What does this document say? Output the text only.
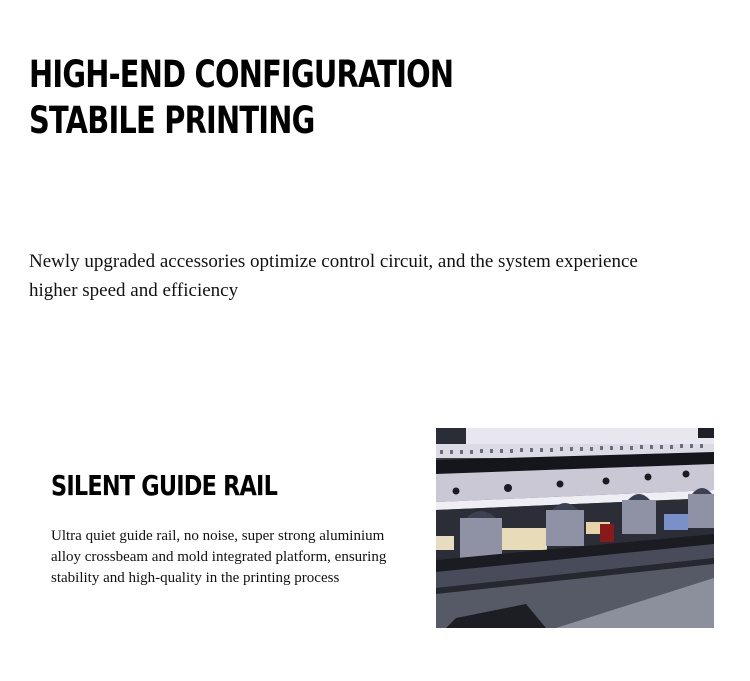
HIGH-END CONFIGURATION
STABILE PRINTING

Newly upgraded accessories optimize control circuit, and the system experience higher speed and efficiency

SILENT GUIDE RAIL

Ultra quiet guide rail, no noise, super strong aluminium alloy crossbeam and mold integrated platform, ensuring stability and high-quality in the printing process
